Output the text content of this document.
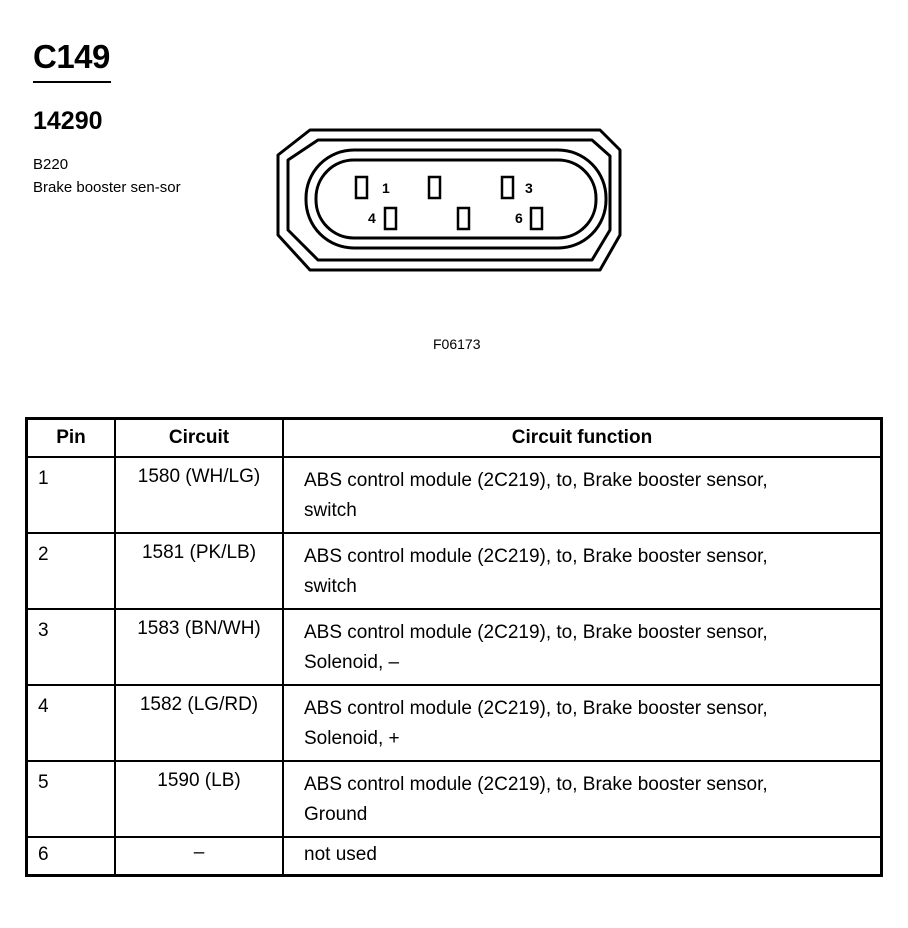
C149
14290
B220
Brake booster sen-sor	1	3
4	6
F06173
Pin	Circuit	Circuit function
1	1580 (WH/LG)	ABS control module (2C219), to, Brake booster sensor,
switch

2	1581 (PK/LB)	ABS control module (2C219), to, Brake booster sensor,
switch

3	1583 (BN/WH)	ABS control module (2C219), to, Brake booster sensor,
Solenoid, –

4	1582 (LG/RD)	ABS control module (2C219), to, Brake booster sensor,
Solenoid, +

5	1590 (LB)	ABS control module (2C219), to, Brake booster sensor,
Ground

6	–	not used
